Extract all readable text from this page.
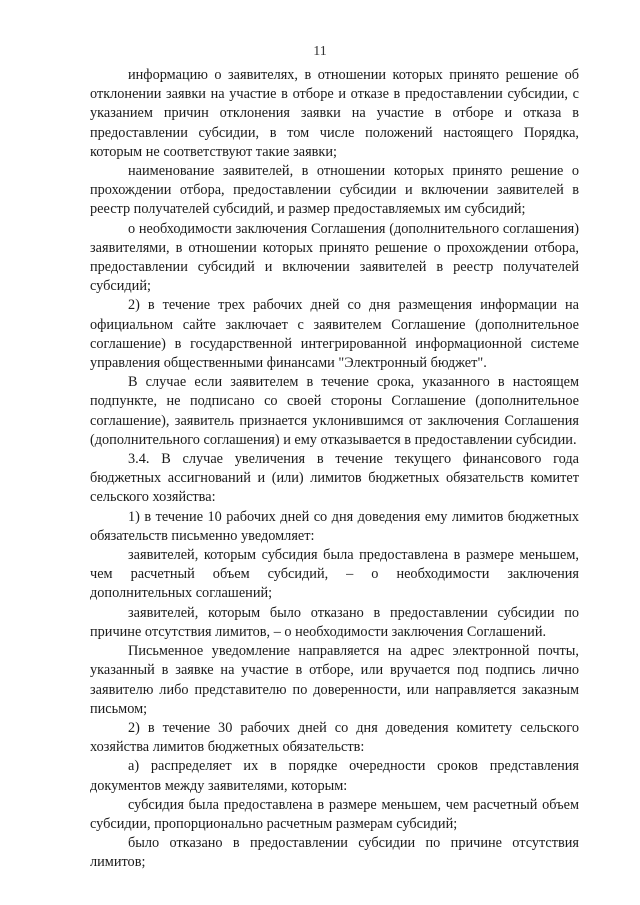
11

информацию о заявителях, в отношении которых принято решение об отклонении заявки на участие в отборе и отказе в предоставлении субсидии, с указанием причин отклонения заявки на участие в отборе и отказа в предоставлении субсидии, в том числе положений настоящего Порядка, которым не соответствуют такие заявки;

наименование заявителей, в отношении которых принято решение о прохождении отбора, предоставлении субсидии и включении заявителей в реестр получателей субсидий, и размер предоставляемых им субсидий;

о необходимости заключения Соглашения (дополнительного соглашения) заявителями, в отношении которых принято решение о прохождении отбора, предоставлении субсидий и включении заявителей в реестр получателей субсидий;

2) в течение трех рабочих дней со дня размещения информации на официальном сайте заключает с заявителем Соглашение (дополнительное соглашение) в государственной интегрированной информационной системе управления общественными финансами "Электронный бюджет".

В случае если заявителем в течение срока, указанного в настоящем подпункте, не подписано со своей стороны Соглашение (дополнительное соглашение), заявитель признается уклонившимся от заключения Соглашения (дополнительного соглашения) и ему отказывается в предоставлении субсидии.

3.4. В случае увеличения в течение текущего финансового года бюджетных ассигнований и (или) лимитов бюджетных обязательств комитет сельского хозяйства:

1) в течение 10 рабочих дней со дня доведения ему лимитов бюджетных обязательств письменно уведомляет:

заявителей, которым субсидия была предоставлена в размере меньшем, чем расчетный объем субсидий, – о необходимости заключения дополнительных соглашений;

заявителей, которым было отказано в предоставлении субсидии по причине отсутствия лимитов, – о необходимости заключения Соглашений.

Письменное уведомление направляется на адрес электронной почты, указанный в заявке на участие в отборе, или вручается под подпись лично заявителю либо представителю по доверенности, или направляется заказным письмом;

2) в течение 30 рабочих дней со дня доведения комитету сельского хозяйства лимитов бюджетных обязательств:

а) распределяет их в порядке очередности сроков представления документов между заявителями, которым:

субсидия была предоставлена в размере меньшем, чем расчетный объем субсидии, пропорционально расчетным размерам субсидий;

было отказано в предоставлении субсидии по причине отсутствия лимитов;
